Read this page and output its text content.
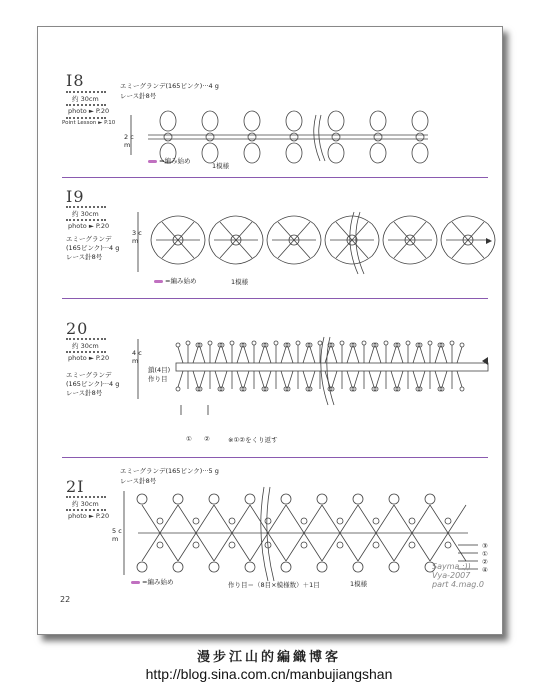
I8
约 30cm
photo ► P.20
Point Lesson ► P.10
エミーグランデ(165ピンク)···4 g
レース針8号
2 cm
=編み始め
1模様
I9
约 30cm
photo ► P.20
エミーグランデ
(165ピンク)···4 g
レース針8号
3 cm
=編み始め	1模様
20
约 30cm
photo ► P.20
エミーグランデ
(165ピンク)···4 g
レース針8号
4 cm
鎖(4目)
作り目
① ②	※①②をくり返す
2I
约 30cm
photo ► P.20
エミーグランデ(165ピンク)···5 g
レース針8号
5 cm
③
①
②
④
=編み始め	作り目＝（8目×模様数）＋1目	1模様
Sayma :))
Vya-2007
part 4.mag.0
22
漫步江山的編織博客
http://blog.sina.com.cn/manbujiangshan
